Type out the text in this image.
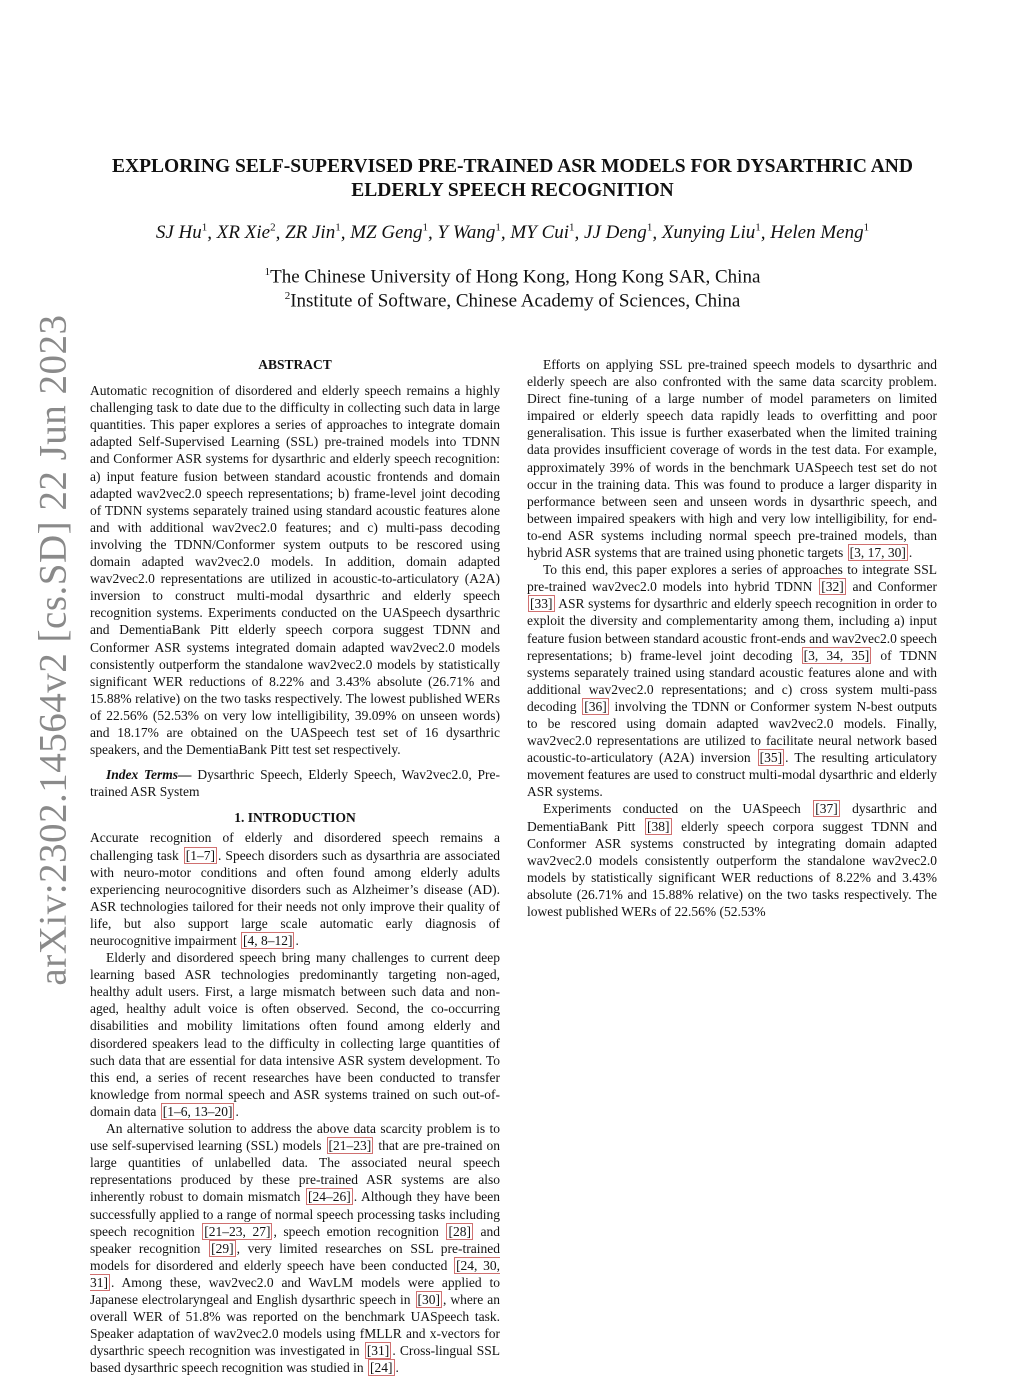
arXiv:2302.14564v2 [cs.SD] 22 Jun 2023
EXPLORING SELF-SUPERVISED PRE-TRAINED ASR MODELS FOR DYSARTHRIC AND ELDERLY SPEECH RECOGNITION
SJ Hu$^1$, XR Xie$^2$, ZR Jin$^1$, MZ Geng$^1$, Y Wang$^1$, MY Cui$^1$, JJ Deng$^1$, Xunying Liu$^1$, Helen Meng$^1$
$^1$The Chinese University of Hong Kong, Hong Kong SAR, China
$^2$Institute of Software, Chinese Academy of Sciences, China
ABSTRACT

Automatic recognition of disordered and elderly speech remains a highly challenging task to date due to the difficulty in collecting such data in large quantities. This paper explores a series of approaches to integrate domain adapted Self-Supervised Learning (SSL) pre-trained models into TDNN and Conformer ASR systems for dysarthric and elderly speech recognition: a) input feature fusion between standard acoustic frontends and domain adapted wav2vec2.0 speech representations; b) frame-level joint decoding of TDNN systems separately trained using standard acoustic features alone and with additional wav2vec2.0 features; and c) multi-pass decoding involving the TDNN/Conformer system outputs to be rescored using domain adapted wav2vec2.0 models. In addition, domain adapted wav2vec2.0 representations are utilized in acoustic-to-articulatory (A2A) inversion to construct multi-modal dysarthric and elderly speech recognition systems. Experiments conducted on the UASpeech dysarthric and DementiaBank Pitt elderly speech corpora suggest TDNN and Conformer ASR systems integrated domain adapted wav2vec2.0 models consistently outperform the standalone wav2vec2.0 models by statistically significant WER reductions of 8.22% and 3.43% absolute (26.71% and 15.88% relative) on the two tasks respectively. The lowest published WERs of 22.56% (52.53% on very low intelligibility, 39.09% on unseen words) and 18.17% are obtained on the UASpeech test set of 16 dysarthric speakers, and the DementiaBank Pitt test set respectively.

Index Terms— Dysarthric Speech, Elderly Speech, Wav2vec2.0, Pre-trained ASR System

1. INTRODUCTION

Accurate recognition of elderly and disordered speech remains a challenging task [1–7] . Speech disorders such as dysarthria are associated with neuro-motor conditions and often found among elderly adults experiencing neurocognitive disorders such as Alzheimer’s disease (AD). ASR technologies tailored for their needs not only improve their quality of life, but also support large scale automatic early diagnosis of neurocognitive impairment [4, 8–12] .

Elderly and disordered speech bring many challenges to current deep learning based ASR technologies predominantly targeting non-aged, healthy adult users. First, a large mismatch between such data and non-aged, healthy adult voice is often observed. Second, the co-occurring disabilities and mobility limitations often found among elderly and disordered speakers lead to the difficulty in collecting large quantities of such data that are essential for data intensive ASR system development. To this end, a series of recent researches have been conducted to transfer knowledge from normal speech and ASR systems trained on such out-of-domain data [1–6, 13–20] .

An alternative solution to address the above data scarcity problem is to use self-supervised learning (SSL) models [21–23] that are pre-trained on large quantities of unlabelled data. The associated neural speech representations produced by these pre-trained ASR systems are also inherently robust to domain mismatch [24–26] . Although they have been successfully applied to a range of normal speech processing tasks including speech recognition [21–23, 27] , speech emotion recognition [28] and speaker recognition [29] , very limited researches on SSL pre-trained models for disordered and elderly speech have been conducted [24, 30, 31] . Among these, wav2vec2.0 and WavLM models were applied to Japanese electrolaryngeal and English dysarthric speech in [30] , where an overall WER of 51.8% was reported on the benchmark UASpeech task. Speaker adaptation of wav2vec2.0 models using fMLLR and x-vectors for dysarthric speech recognition was investigated in [31] . Cross-lingual SSL based dysarthric speech recognition was studied in [24] .

Efforts on applying SSL pre-trained speech models to dysarthric and elderly speech are also confronted with the same data scarcity problem. Direct fine-tuning of a large number of model parameters on limited impaired or elderly speech data rapidly leads to overfitting and poor generalisation. This issue is further exaserbated when the limited training data provides insufficient coverage of words in the test data. For example, approximately 39% of words in the benchmark UASpeech test set do not occur in the training data. This was found to produce a larger disparity in performance between seen and unseen words in dysarthric speech, and between impaired speakers with high and very low intelligibility, for end-to-end ASR systems including normal speech pre-trained models, than hybrid ASR systems that are trained using phonetic targets [3, 17, 30] .

To this end, this paper explores a series of approaches to integrate SSL pre-trained wav2vec2.0 models into hybrid TDNN [32] and Conformer [33] ASR systems for dysarthric and elderly speech recognition in order to exploit the diversity and complementarity among them, including a) input feature fusion between standard acoustic front-ends and wav2vec2.0 speech representations; b) frame-level joint decoding [3, 34, 35] of TDNN systems separately trained using standard acoustic features alone and with additional wav2vec2.0 representations; and c) cross system multi-pass decoding [36] involving the TDNN or Conformer system N-best outputs to be rescored using domain adapted wav2vec2.0 models. Finally, wav2vec2.0 representations are utilized to facilitate neural network based acoustic-to-articulatory (A2A) inversion [35] . The resulting articulatory movement features are used to construct multi-modal dysarthric and elderly ASR systems.

Experiments conducted on the UASpeech [37] dysarthric and DementiaBank Pitt [38] elderly speech corpora suggest TDNN and Conformer ASR systems constructed by integrating domain adapted wav2vec2.0 models consistently outperform the standalone wav2vec2.0 models by statistically significant WER reductions of 8.22% and 3.43% absolute (26.71% and 15.88% relative) on the two tasks respectively. The lowest published WERs of 22.56% (52.53%
